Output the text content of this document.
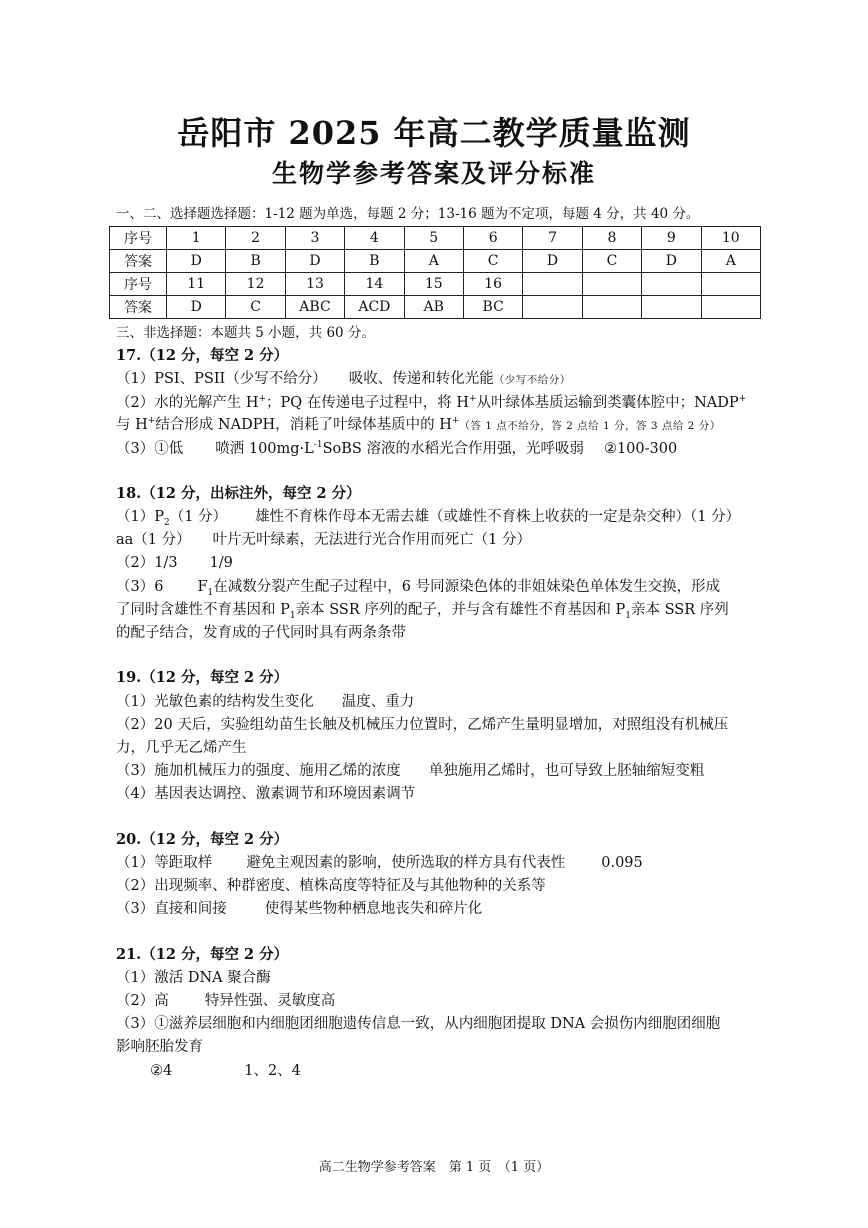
岳阳市 2025 年高二教学质量监测
生物学参考答案及评分标准
一、二、选择题选择题：1-12 题为单选，每题 2 分；13-16 题为不定项，每题 4 分，共 40 分。
序号	1	2	3	4	5	6	7	8	9	10
答案	D	B	D	B	A	C	D	C	D	A
序号	11	12	13	14	15	16				
答案	D	C	ABC	ACD	AB	BC				
三、非选择题：本题共 5 小题，共 60 分。
17.（12 分，每空 2 分）
（1）PSI、PSII（少写不给分） 吸收、传递和转化光能（少写不给分）
（2）水的光解产生 H+；PQ 在传递电子过程中，将 H+从叶绿体基质运输到类囊体腔中；NADP+
与 H+结合形成 NADPH，消耗了叶绿体基质中的 H+（答 1 点不给分，答 2 点给 1 分，答 3 点给 2 分）
（3）①低 喷洒 $100mg\cdot L^{-1}SoBS$ 溶液的水稻光合作用强，光呼吸弱 ②100-300
18.（12 分，出标注外，每空 2 分）
$(1)P_2(1$ 分） 雄性不育株作母本无需去雄（或雄性不育株上收获的一定是杂交种）（1 分）
aa（1 分） 叶片无叶绿素，无法进行光合作用而死亡（1 分）
（2）1/3 1/9
（3）6 $F_1$在减数分裂产生配子过程中，6 号同源染色体的非姐妹染色单体发生交换，形成
了同时含雄性不育基因和 $P_1$亲本 SSR 序列的配子，并与含有雄性不育基因和 $P_1$亲本 SSR 序列
的配子结合，发育成的子代同时具有两条条带
19.（12 分，每空 2 分）
（1）光敏色素的结构发生变化 温度、重力
（2）20 天后，实验组幼苗生长触及机械压力位置时，乙烯产生量明显增加，对照组没有机械压
力，几乎无乙烯产生
（3）施加机械压力的强度、施用乙烯的浓度 单独施用乙烯时，也可导致上胚轴缩短变粗
（4）基因表达调控、激素调节和环境因素调节
20.（12 分，每空 2 分）
（1）等距取样 避免主观因素的影响，使所选取的样方具有代表性 0.095
（2）出现频率、种群密度、植株高度等特征及与其他物种的关系等
（3）直接和间接	使得某些物种栖息地丧失和碎片化
21.（12 分，每空 2 分）
（1）激活 DNA 聚合酶
（2）高 特异性强、灵敏度高
（3）①滋养层细胞和内细胞团细胞遗传信息一致，从内细胞团提取 DNA 会损伤内细胞团细胞
影响胚胎发育
②4	1、2、4
高二生物学参考答案　第 1 页　（1 页）
